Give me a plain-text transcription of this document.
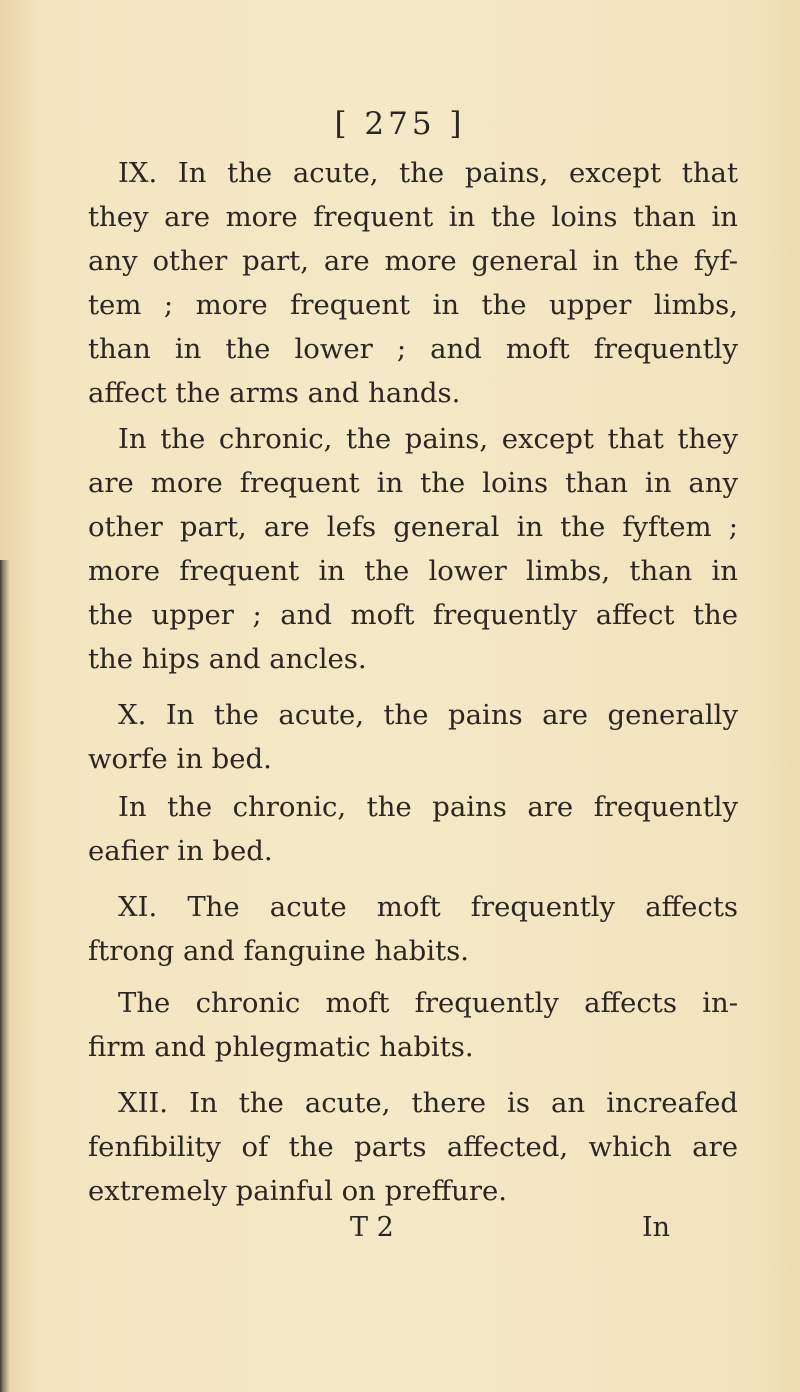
[ 275 ]
IX. In the acute, the pains, except that
they are more frequent in the loins than in
any other part, are more general in the fyf-
tem ; more frequent in the upper limbs,
than in the lower ; and moft frequently
affect the arms and hands.
In the chronic, the pains, except that they
are more frequent in the loins than in any
other part, are lefs general in the fyftem ;
more frequent in the lower limbs, than in
the upper ; and moft frequently affect the
the hips and ancles.
X. In the acute, the pains are generally
worfe in bed.
In the chronic, the pains are frequently
eafier in bed.
XI. The acute moft frequently affects
ftrong and fanguine habits.
The chronic moft frequently affects in-
firm and phlegmatic habits.
XII. In the acute, there is an increafed
fenfibility of the parts affected, which are
extremely painful on preffure.
T 2	In
